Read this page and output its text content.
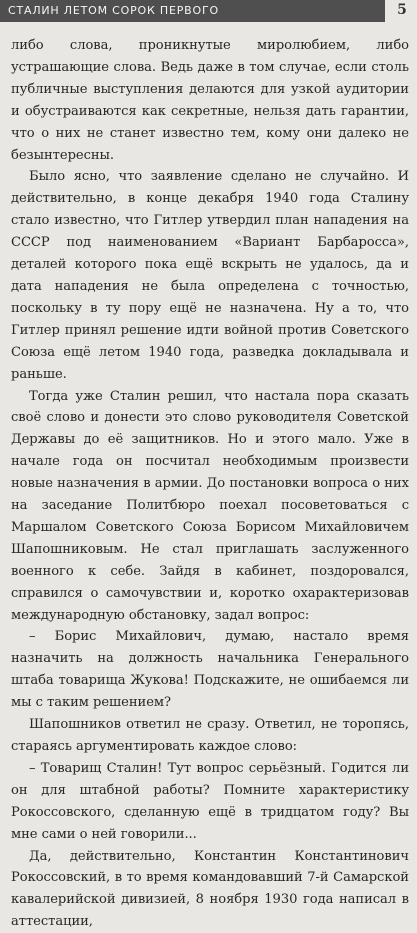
СТАЛИН ЛЕТОМ СОРОК ПЕРВОГО	5

либо слова, проникнутые миролюбием, либо устрашающие слова. Ведь даже в том случае, если столь публичные выступления делаются для узкой аудитории и обустраиваются как секретные, нельзя дать гарантии, что о них не станет известно тем, кому они далеко не безынтересны.

Было ясно, что заявление сделано не случайно. И действительно, в конце декабря 1940 года Сталину стало известно, что Гитлер утвердил план нападения на СССР под наименованием «Вариант Барбаросса», деталей которого пока ещё вскрыть не удалось, да и дата нападения не была определена с точностью, поскольку в ту пору ещё не назначена. Ну а то, что Гитлер принял решение идти войной против Советского Союза ещё летом 1940 года, разведка докладывала и раньше.

Тогда уже Сталин решил, что настала пора сказать своё слово и донести это слово руководителя Советской Державы до её защитников. Но и этого мало. Уже в начале года он посчитал необходимым произвести новые назначения в армии. До постановки вопроса о них на заседание Политбюро поехал посоветоваться с Маршалом Советского Союза Борисом Михайловичем Шапошниковым. Не стал приглашать заслуженного военного к себе. Зайдя в кабинет, поздоровался, справился о самочувствии и, коротко охарактеризовав международную обстановку, задал вопрос:

– Борис Михайлович, думаю, настало время назначить на должность начальника Генерального штаба товарища Жукова! Подскажите, не ошибаемся ли мы с таким решением?

Шапошников ответил не сразу. Ответил, не торопясь, стараясь аргументировать каждое слово:

– Товарищ Сталин! Тут вопрос серьёзный. Годится ли он для штабной работы? Помните характеристику Рокоссовского, сделанную ещё в тридцатом году? Вы мне сами о ней говорили...

Да, действительно, Константин Константинович Рокоссовский, в то время командовавший 7-й Самарской кавалерийской дивизией, 8 ноября 1930 года написал в аттестации,
